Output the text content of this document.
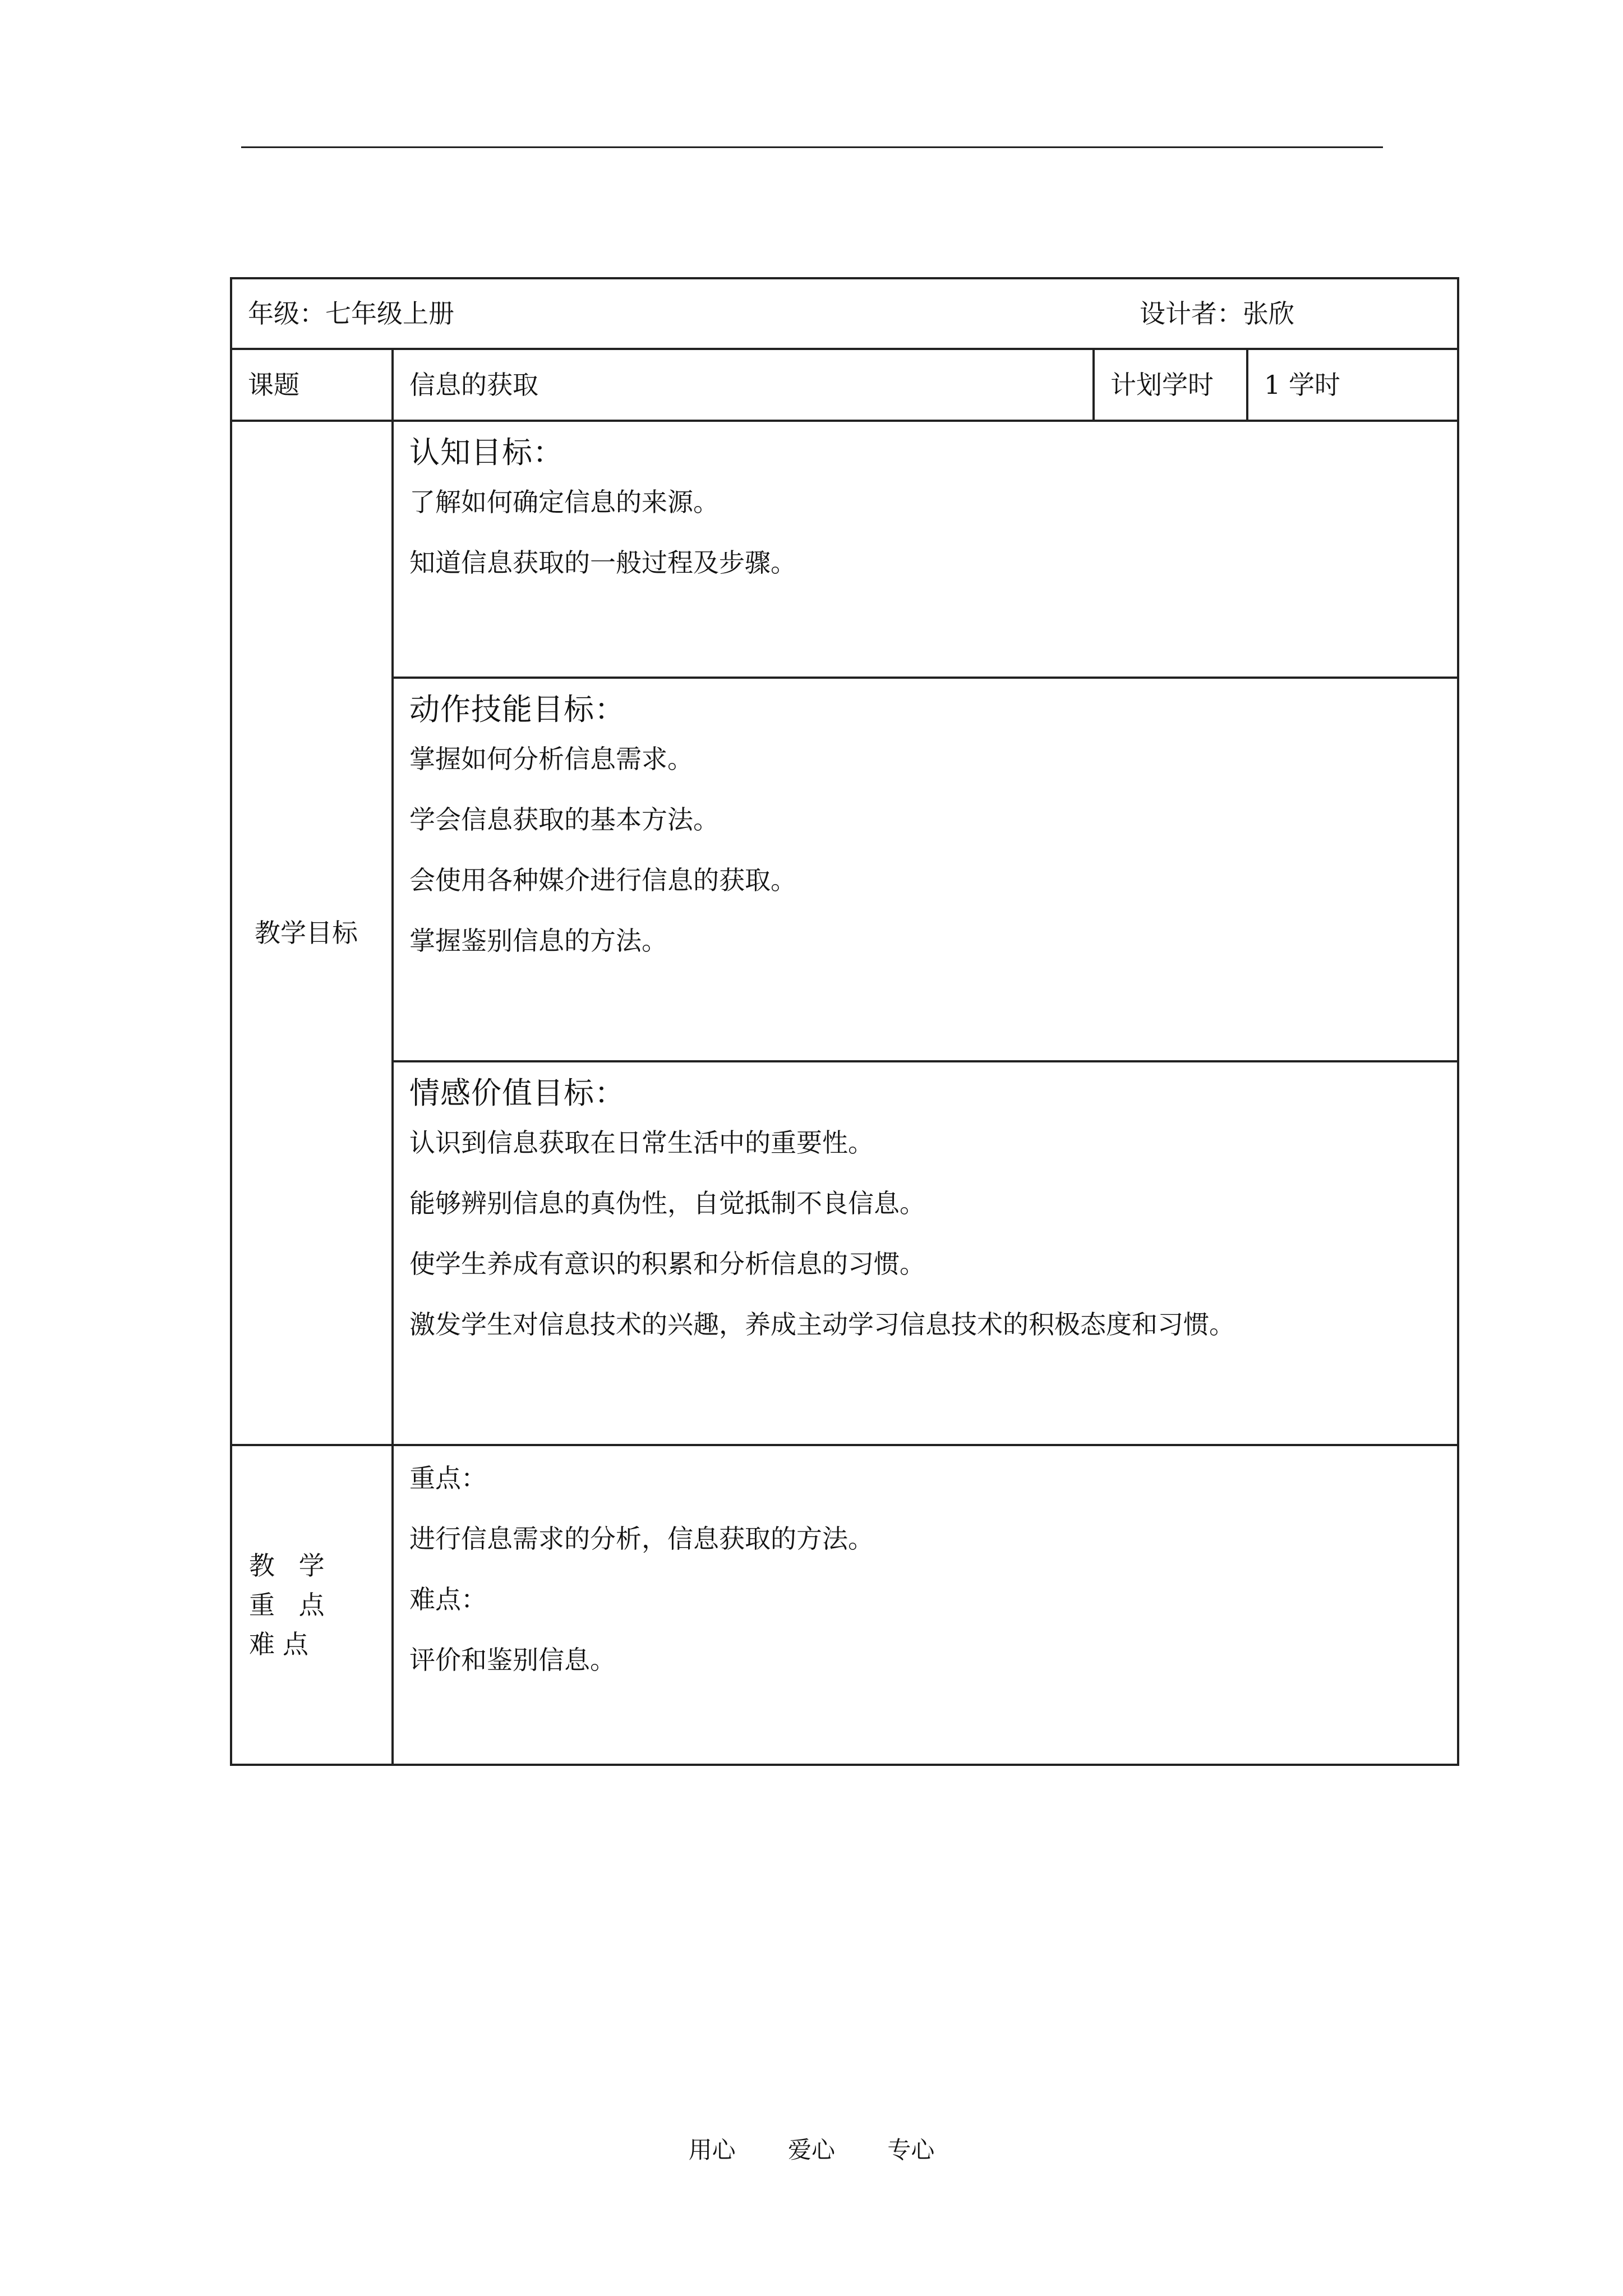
年级：七年级上册 设计者：张欣			

课题	信息的获取	计划学时	1 学时
教学目标	认知目标：
了解如何确定信息的来源。
知道信息获取的一般过程及步骤。		

	动作技能目标：
掌握如何分析信息需求。
学会信息获取的基本方法。
会使用各种媒介进行信息的获取。
掌握鉴别信息的方法。		

	情感价值目标：
认识到信息获取在日常生活中的重要性。
能够辨别信息的真伪性，自觉抵制不良信息。
使学生养成有意识的积累和分析信息的习惯。
激发学生对信息技术的兴趣，养成主动学习信息技术的积极态度和习惯。		

教 学 重 点 难点	重点：
进行信息需求的分析，信息获取的方法。
难点：
评价和鉴别信息。		
用心 爱心 专心
